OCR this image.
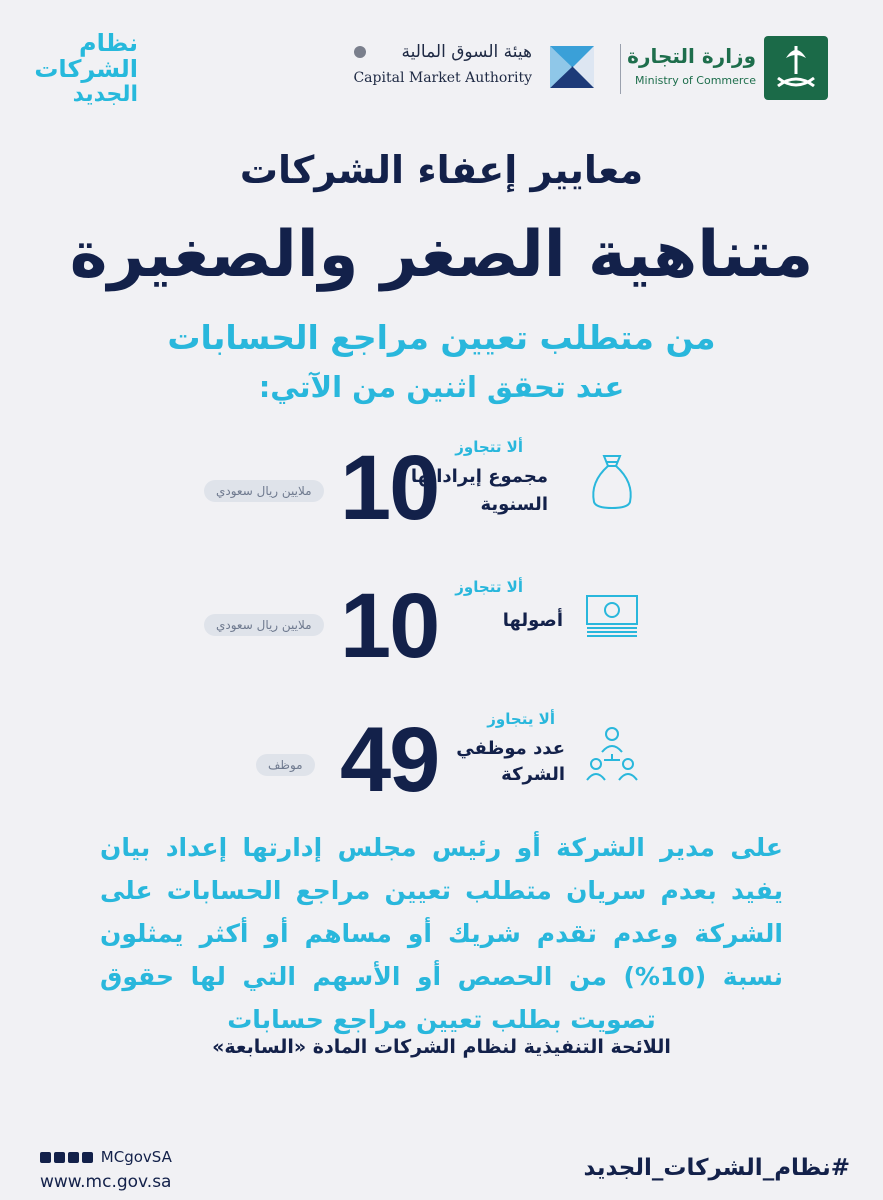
نظام
الشركات
الجديد
هيئة السوق المالية
Capital Market Authority
وزارة التجارة
Ministry of Commerce
معايير إعفاء الشركات
متناهية الصغر والصغيرة
من متطلب تعيين مراجع الحسابات
عند تحقق اثنين من الآتي:
ألا تتجاوز
مجموع إيراداتها
السنوية
10
ملايين ريال سعودي
ألا تتجاوز
أصولها
10
ملايين ريال سعودي
ألا يتجاوز
عدد موظفي
الشركة
49
موظف
على مدير الشركة أو رئيس مجلس إدارتها إعداد بيان يفيد بعدم سريان متطلب تعيين مراجع الحسابات على الشركة وعدم تقدم شريك أو مساهم أو أكثر يمثلون نسبة (10%) من الحصص أو الأسهم التي لها حقوق تصويت بطلب تعيين مراجع حسابات
اللائحة التنفيذية لنظام الشركات المادة «السابعة»
MCgovSA
www.mc.gov.sa
#نظام_الشركات_الجديد
